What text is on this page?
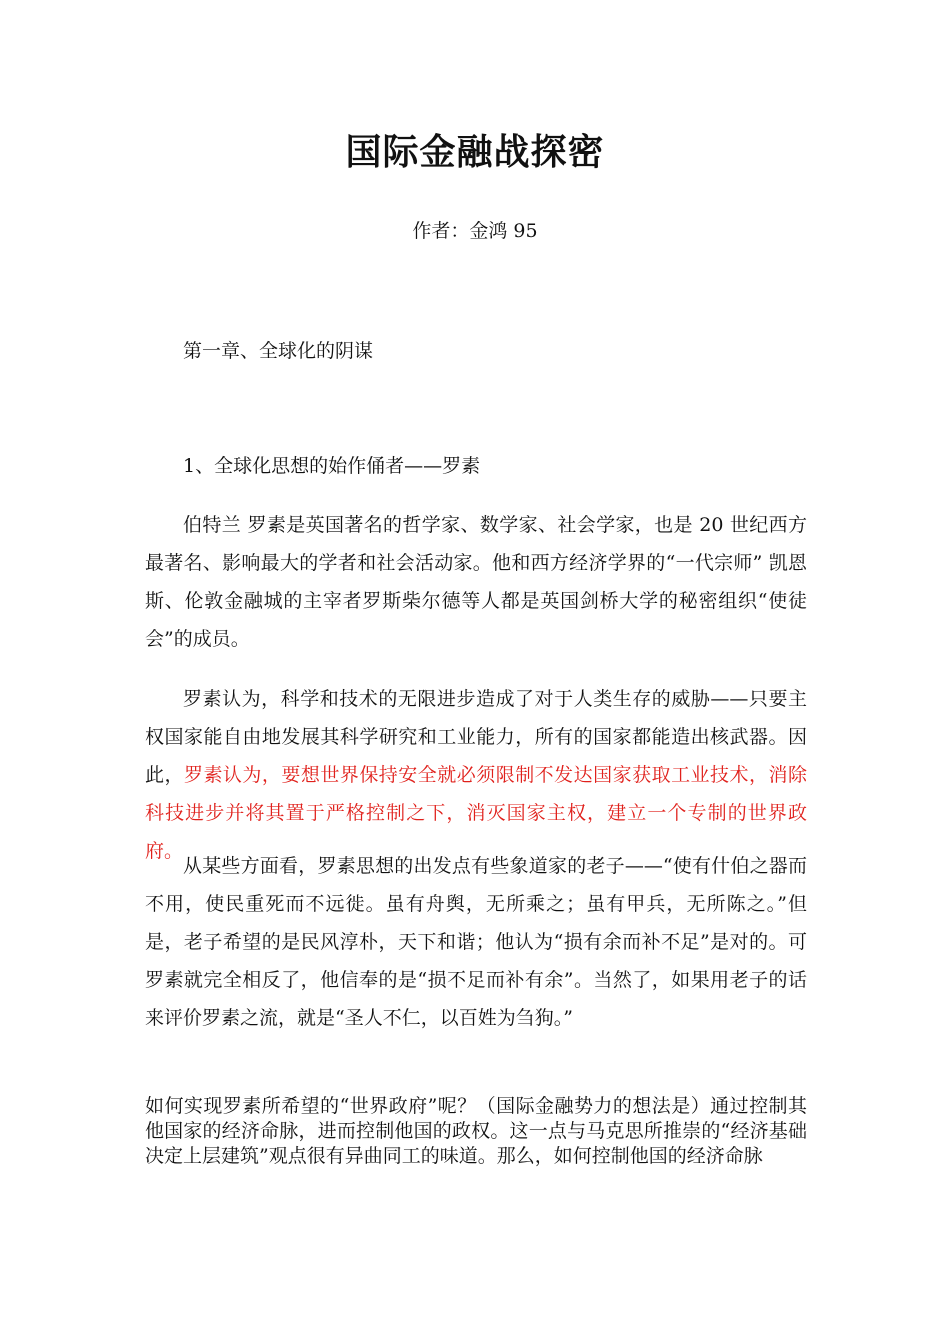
国际金融战探密

作者：金鸿 95

第一章、全球化的阴谋

1、全球化思想的始作俑者——罗素

伯特兰 罗素是英国著名的哲学家、数学家、社会学家，也是 20 世纪西方最著名、影响最大的学者和社会活动家。他和西方经济学界的“一代宗师” 凯恩斯、伦敦金融城的主宰者罗斯柴尔德等人都是英国剑桥大学的秘密组织“使徒会”的成员。

罗素认为，科学和技术的无限进步造成了对于人类生存的威胁——只要主权国家能自由地发展其科学研究和工业能力，所有的国家都能造出核武器。因此，罗素认为，要想世界保持安全就必须限制不发达国家获取工业技术，消除科技进步并将其置于严格控制之下，消灭国家主权，建立一个专制的世界政府。

从某些方面看，罗素思想的出发点有些象道家的老子——“使有什伯之器而不用，使民重死而不远徙。虽有舟舆，无所乘之；虽有甲兵，无所陈之。”但是，老子希望的是民风淳朴，天下和谐；他认为“损有余而补不足”是对的。可罗素就完全相反了，他信奉的是“损不足而补有余”。当然了，如果用老子的话来评价罗素之流，就是“圣人不仁，以百姓为刍狗。”

如何实现罗素所希望的“世界政府”呢？（国际金融势力的想法是）通过控制其他国家的经济命脉，进而控制他国的政权。这一点与马克思所推崇的“经济基础决定上层建筑”观点很有异曲同工的味道。那么，如何控制他国的经济命脉
